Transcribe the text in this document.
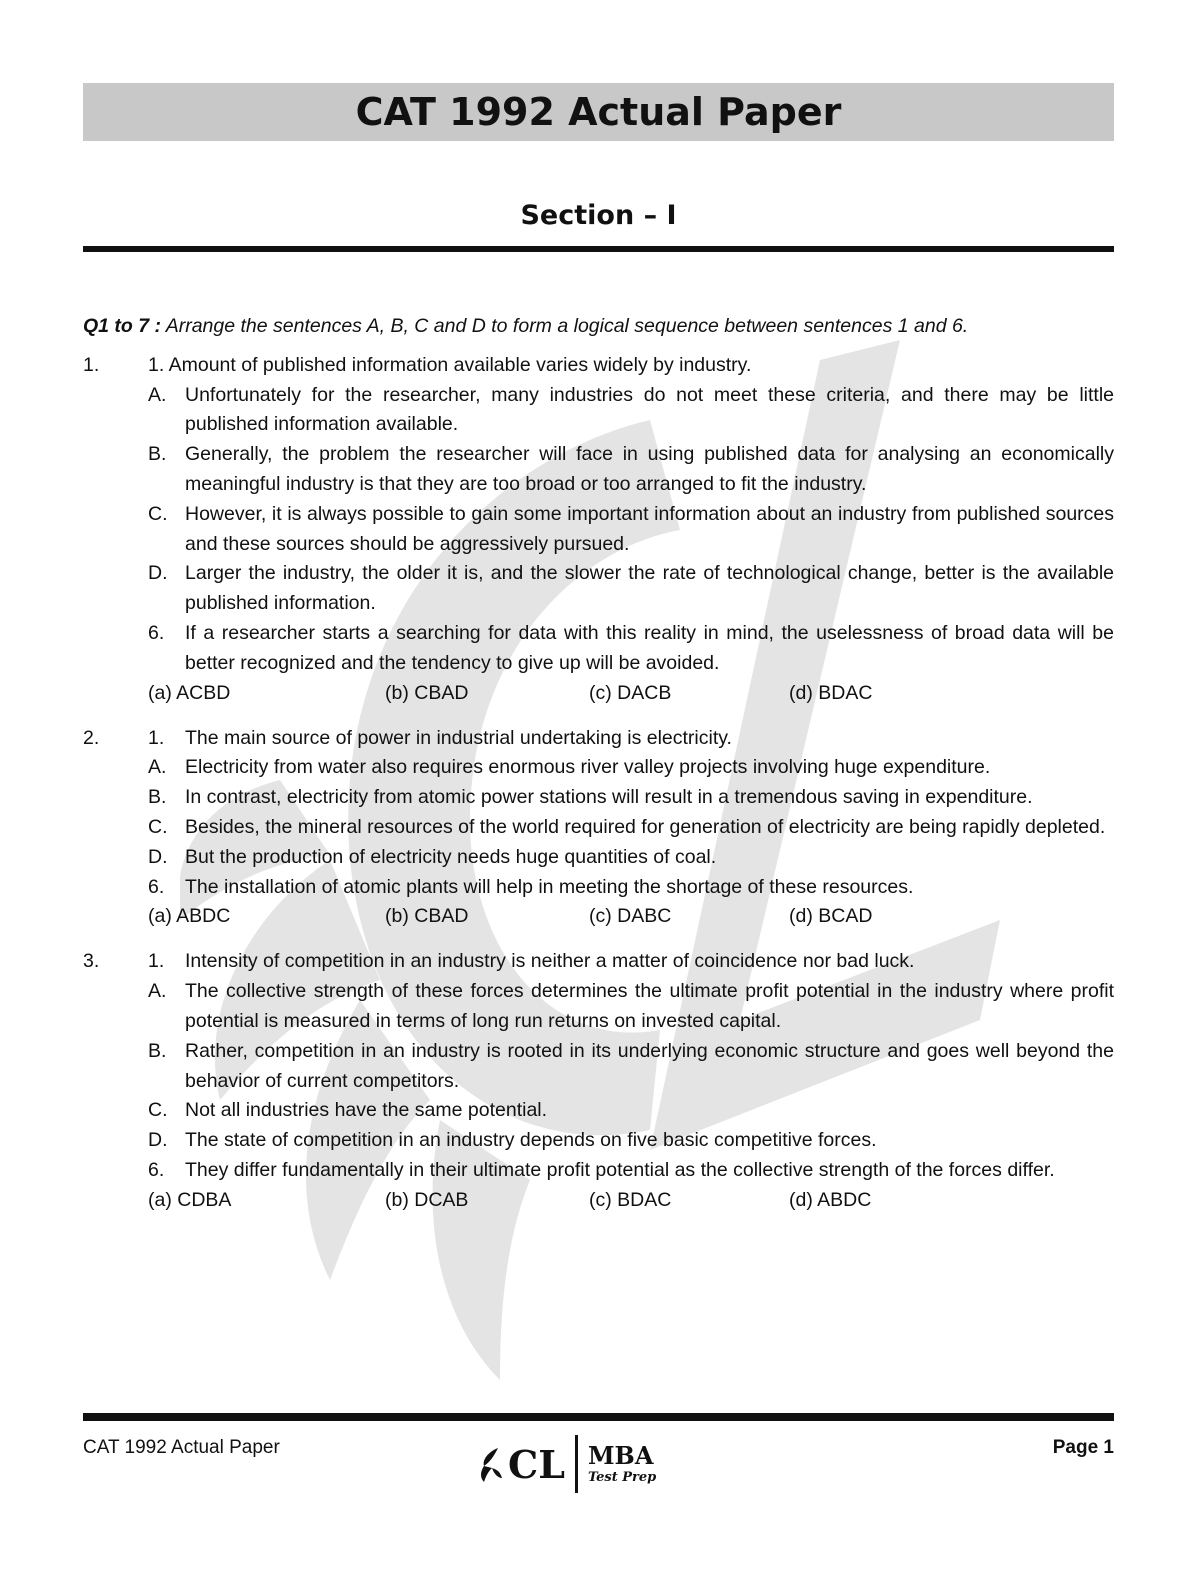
CAT 1992 Actual Paper
Section – I
Q1 to 7 : Arrange the sentences A, B, C and D to form a logical sequence between sentences 1 and 6.
1.	1. Amount of published information available varies widely by industry.
A. Unfortunately for the researcher, many industries do not meet these criteria, and there may be little published information available.
B. Generally, the problem the researcher will face in using published data for analysing an economically meaningful industry is that they are too broad or too arranged to fit the industry.
C. However, it is always possible to gain some important information about an industry from published sources and these sources should be aggressively pursued.
D. Larger the industry, the older it is, and the slower the rate of technological change, better is the available published information.
6. If a researcher starts a searching for data with this reality in mind, the uselessness of broad data will be better recognized and the tendency to give up will be avoided.
(a) ACBD	(b) CBAD	(c) DACB	(d) BDAC
2. 1. The main source of power in industrial undertaking is electricity.
A. Electricity from water also requires enormous river valley projects involving huge expenditure.
B. In contrast, electricity from atomic power stations will result in a tremendous saving in expenditure.
C. Besides, the mineral resources of the world required for generation of electricity are being rapidly depleted.
D. But the production of electricity needs huge quantities of coal.
6. The installation of atomic plants will help in meeting the shortage of these resources.
(a) ABDC	(b) CBAD	(c) DABC	(d) BCAD
3. 1. Intensity of competition in an industry is neither a matter of coincidence nor bad luck.
A. The collective strength of these forces determines the ultimate profit potential in the industry where profit potential is measured in terms of long run returns on invested capital.
B. Rather, competition in an industry is rooted in its underlying economic structure and goes well beyond the behavior of current competitors.
C. Not all industries have the same potential.
D. The state of competition in an industry depends on five basic competitive forces.
6. They differ fundamentally in their ultimate profit potential as the collective strength of the forces differ.
(a) CDBA	(b) DCAB	(c) BDAC	(d) ABDC
CAT 1992 Actual Paper	CL MBA
Test Prep
Page 1
